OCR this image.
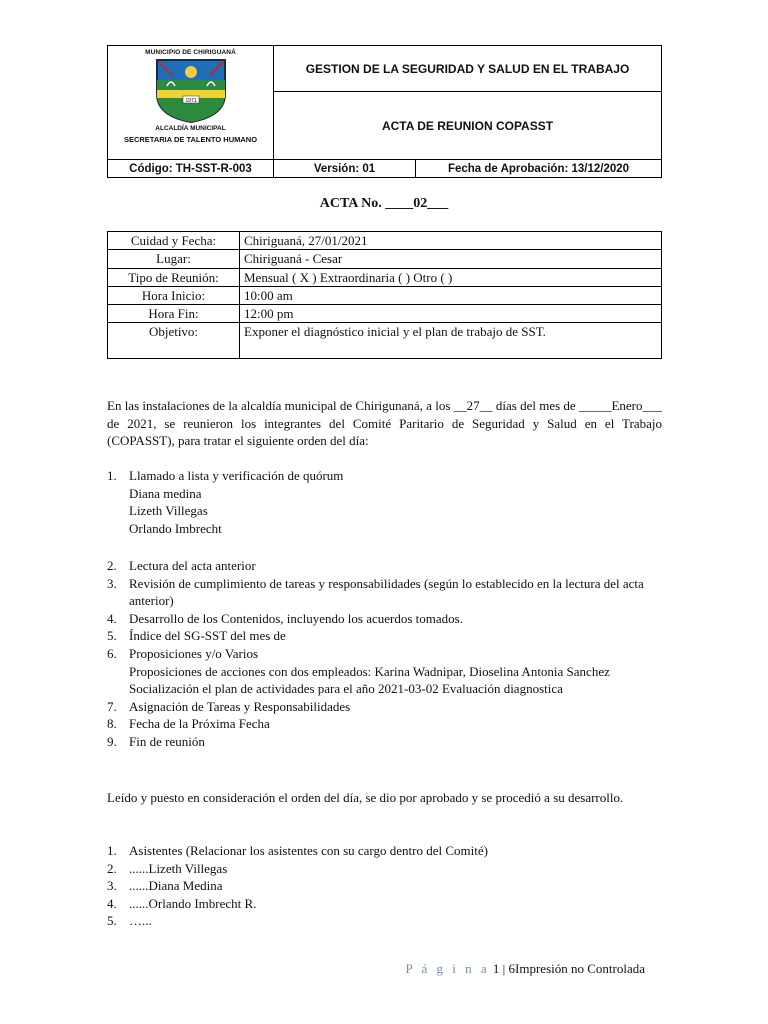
MUNICIPIO DE CHIRIGUANÁ
1971
ALCALDÍA MUNICIPAL
SECRETARIA DE TALENTO HUMANO	GESTION DE LA SEGURIDAD Y SALUD EN EL TRABAJO	
	ACTA DE REUNION COPASST	
Código: TH-SST-R-003	Versión: 01	Fecha de Aprobación: 13/12/2020
ACTA No. ____02___
Cuidad y Fecha:	Chiriguaná, 27/01/2021
Lugar:	Chiriguaná - Cesar
Tipo de Reunión:	Mensual ( X ) Extraordinaria ( ) Otro ( )
Hora Inicio:	10:00 am
Hora Fin:	12:00 pm
Objetivo:	Exponer el diagnóstico inicial y el plan de trabajo de SST.
En las instalaciones de la alcaldía municipal de Chirigunaná, a los __27__ días del mes de _____Enero___ de 2021, se reunieron los integrantes del Comité Paritario de Seguridad y Salud en el Trabajo (COPASST), para tratar el siguiente orden del día:
1. Llamado a lista y verificación de quórum
Diana medina
Lizeth Villegas
Orlando Imbrecht
2. Lectura del acta anterior
3. Revisión de cumplimiento de tareas y responsabilidades (según lo establecido en la lectura del acta anterior)
4. Desarrollo de los Contenidos, incluyendo los acuerdos tomados.
5. Índice del SG-SST del mes de
6. Proposiciones y/o Varios
Proposiciones de acciones con dos empleados: Karina Wadnipar, Dioselina Antonia Sanchez
Socialización el plan de actividades para el año 2021-03-02 Evaluación diagnostica
7. Asignación de Tareas y Responsabilidades
8. Fecha de la Próxima Fecha
9. Fin de reunión
Leído y puesto en consideración el orden del día, se dio por aprobado y se procedió a su desarrollo.
1. Asistentes (Relacionar los asistentes con su cargo dentro del Comité)
2. ......Lizeth Villegas
3. ......Diana Medina
4. ......Orlando Imbrecht R.
5. …...
P á g i n a 1 | 6Impresión no Controlada
